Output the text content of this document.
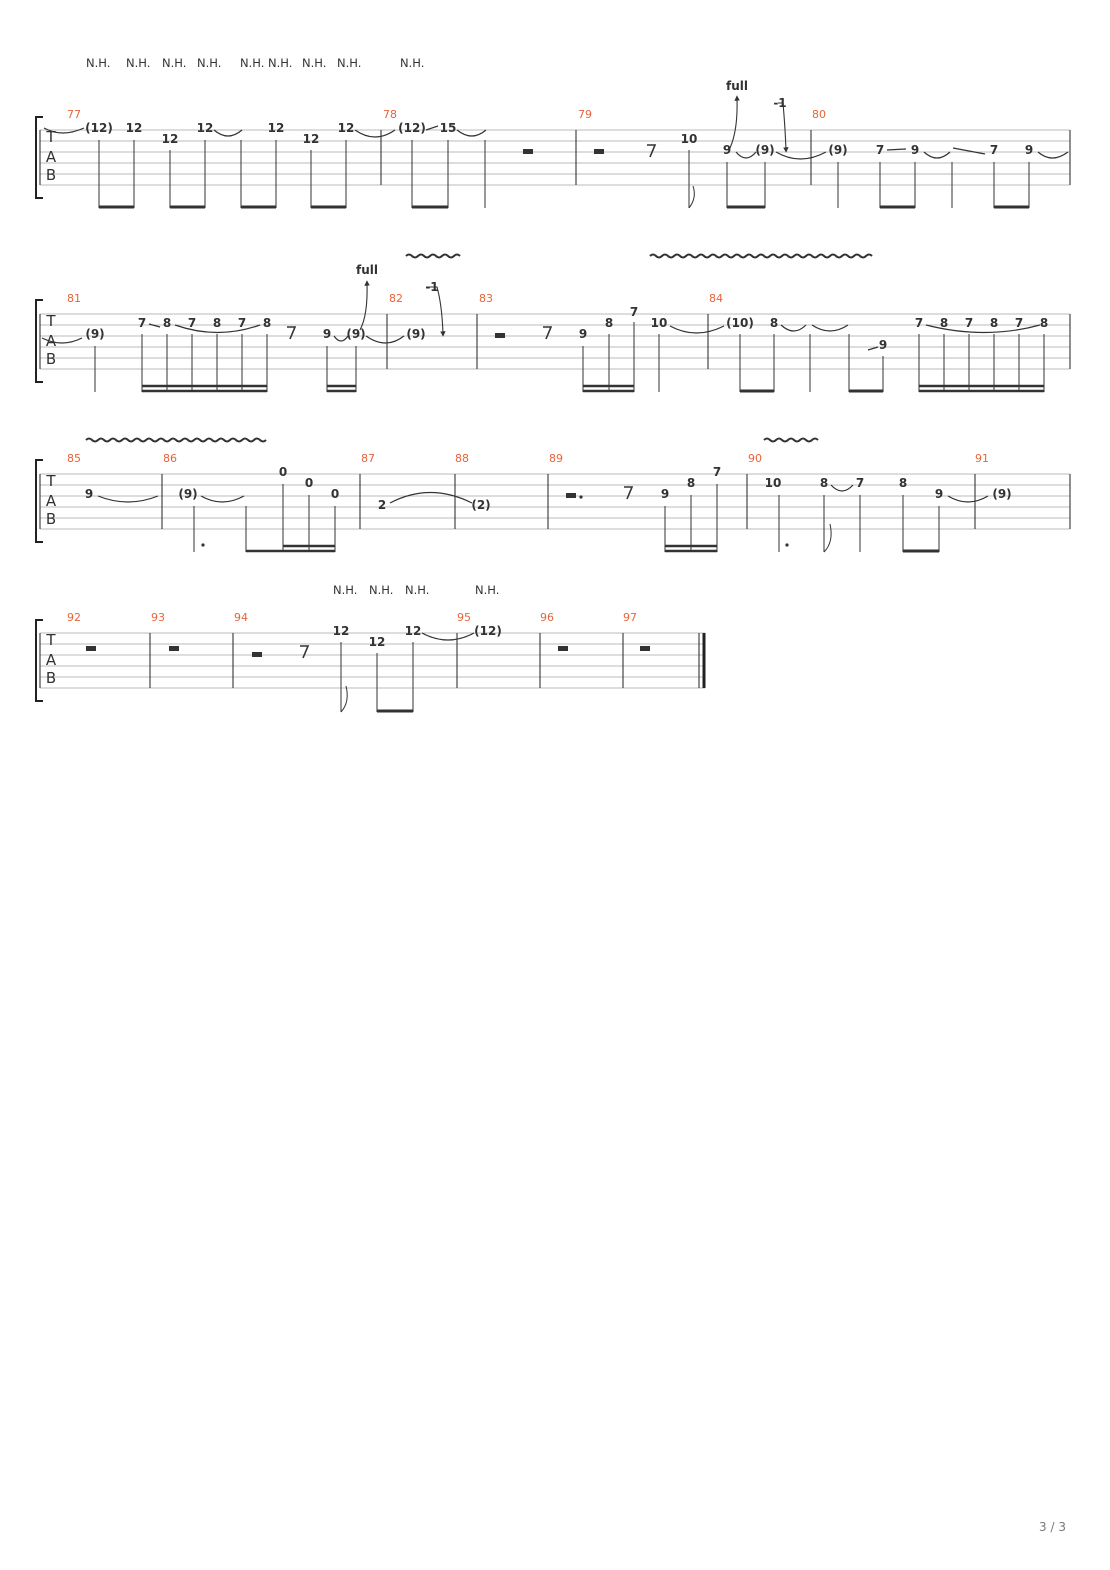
T
A
B
77	78	79	80
N.H. N.H. N.H. N.H. N.H. N.H. N.H. N.H.	N.H.
(12) 12
12
12	12
12
12	(12) 15
10
9 (9)	(9) 7 9	7 9
full
-1
T
A
B
81	82	83	84
full
-1
(9)
7 8 7 8 7 8
9 (9)	(9)	9
8
7
10	(10) 8
9
7 8 7 8 7 8
T
A
B
85	86	87	88	89	90	91
9	(9)
0
0
0
2	(2)
9
8
7
10	8 7	8
9	(9)
T
A
B
92	93	94	95	96	97
N.H. N.H. N.H.	N.H.
12
12
12	(12)
3 / 3
